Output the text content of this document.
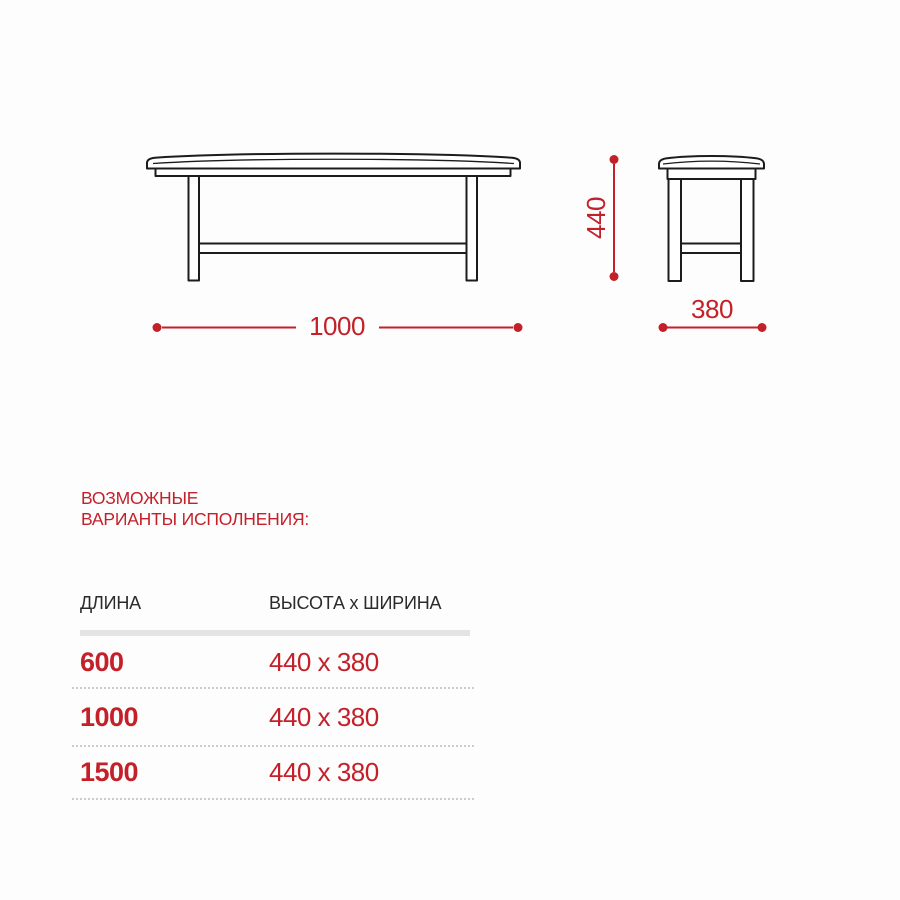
1000
440
380
ВОЗМОЖНЫЕ
ВАРИАНТЫ ИСПОЛНЕНИЯ:
ДЛИНА	ВЫСОТА x ШИРИНА
600	440 x 380
1000	440 x 380
1500	440 x 380
